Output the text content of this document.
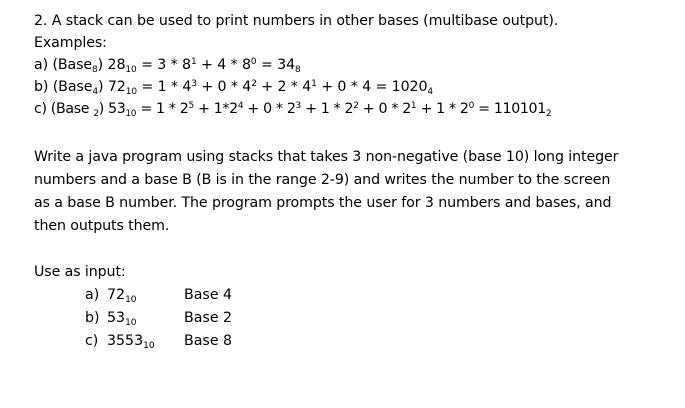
2. A stack can be used to print numbers in other bases (multibase output).
Examples:
a) (Base$_8$) $28_{10} = 3 * 8^1 + 4 * 8^0 = 34_8$
b) (Base$_4$) $72_{10} = 1 * 4^3 + 0 * 4^2 + 2 * 4^1 + 0 * 4 = 1020_4$
c) (Base $_2$) $53_{10} = 1 * 2^5 + 1*2^4 + 0 * 2^3 + 1 * 2^2 + 0 * 2^1 + 1 * 2^0 = 110101_2$
Write a java program using stacks that takes 3 non-negative (base 10) long integer
numbers and a base B (B is in the range 2-9) and writes the number to the screen
as a base B number. The program prompts the user for 3 numbers and bases, and
then outputs them.
Use as input:
a) $72_{10}$	Base 4
b) $53_{10}$	Base 2
c) $3553_{10}$ Base 8
